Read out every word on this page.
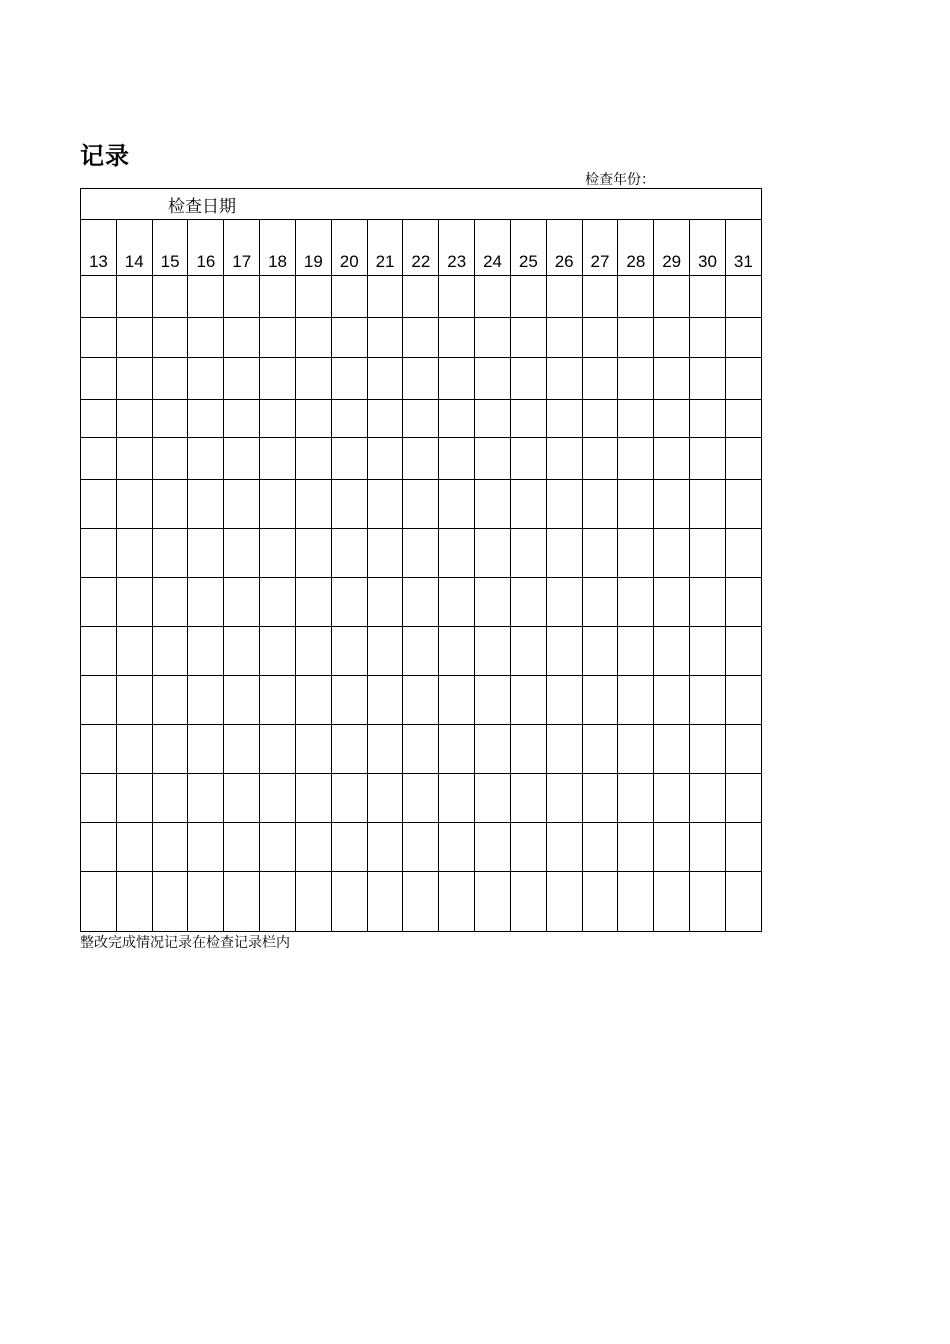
记录
检查年份：
检查日期																		
13	14	15	16	17	18	19	20	21	22	23	24	25	26	27	28	29	30	31

整改完成情况记录在检查记录栏内
